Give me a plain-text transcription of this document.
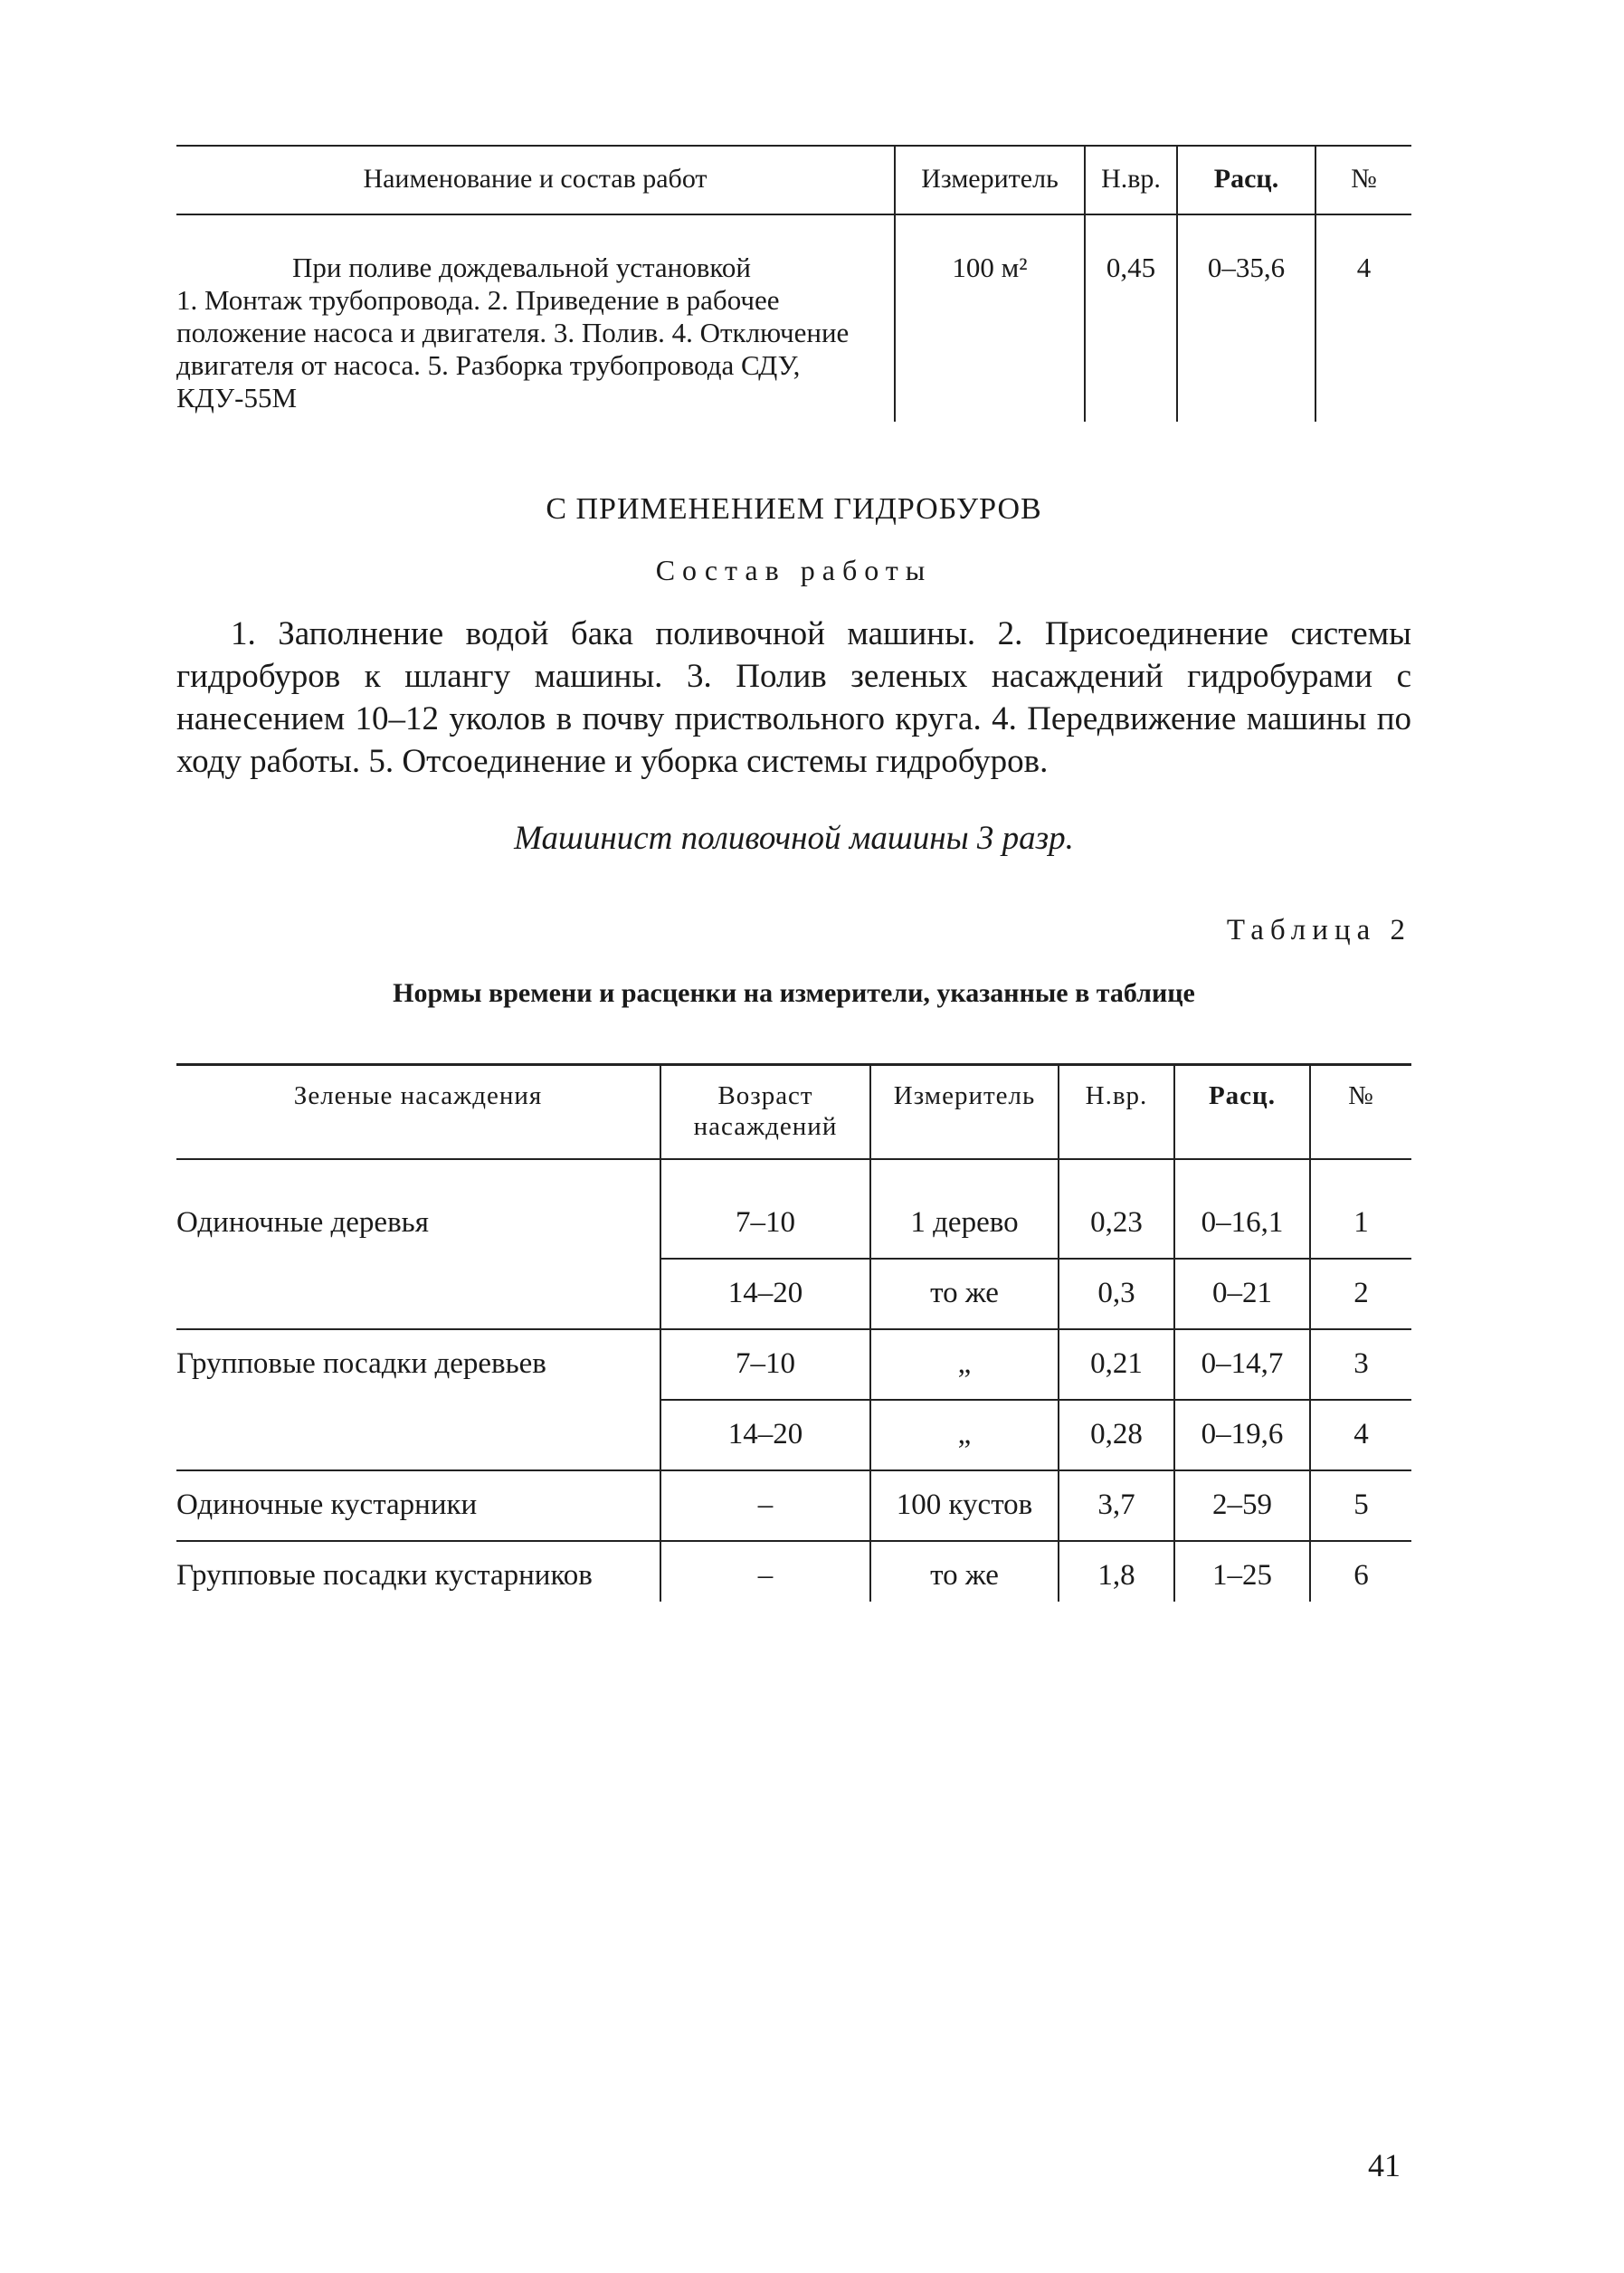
Наименование и состав работ	Измеритель	Н.вр.	Расц.	№

При поливе дождевальной установкой
1. Монтаж трубопровода. 2. Приведение в рабочее положение насоса и двигателя. 3. Полив. 4. Отключение двигателя от насоса. 5. Разборка трубопровода СДУ, КДУ-55М	100 м²	0,45	0–35,6	4
С ПРИМЕНЕНИЕМ ГИДРОБУРОВ
Состав работы

1. Заполнение водой бака поливочной машины. 2. Присоединение системы гидробуров к шлангу машины. 3. Полив зеленых насаждений гидробурами с нанесением 10–12 уколов в почву приствольного круга. 4. Передвижение машины по ходу работы. 5. Отсоединение и уборка системы гидробуров.

Машинист поливочной машины 3 разр.
Таблица 2
Нормы времени и расценки на измерители, указанные в таблице
Зеленые насаждения	Возраст насаждений	Измеритель	Н.вр.	Расц.	№
Одиночные деревья	7–10	1 дерево	0,23	0–16,1	1
	14–20	то же	0,3	0–21	2
Групповые посадки деревьев	7–10	„	0,21	0–14,7	3
	14–20	„	0,28	0–19,6	4
Одиночные кустарники	–	100 кустов	3,7	2–59	5
Групповые посадки кустарников	–	то же	1,8	1–25	6
41
